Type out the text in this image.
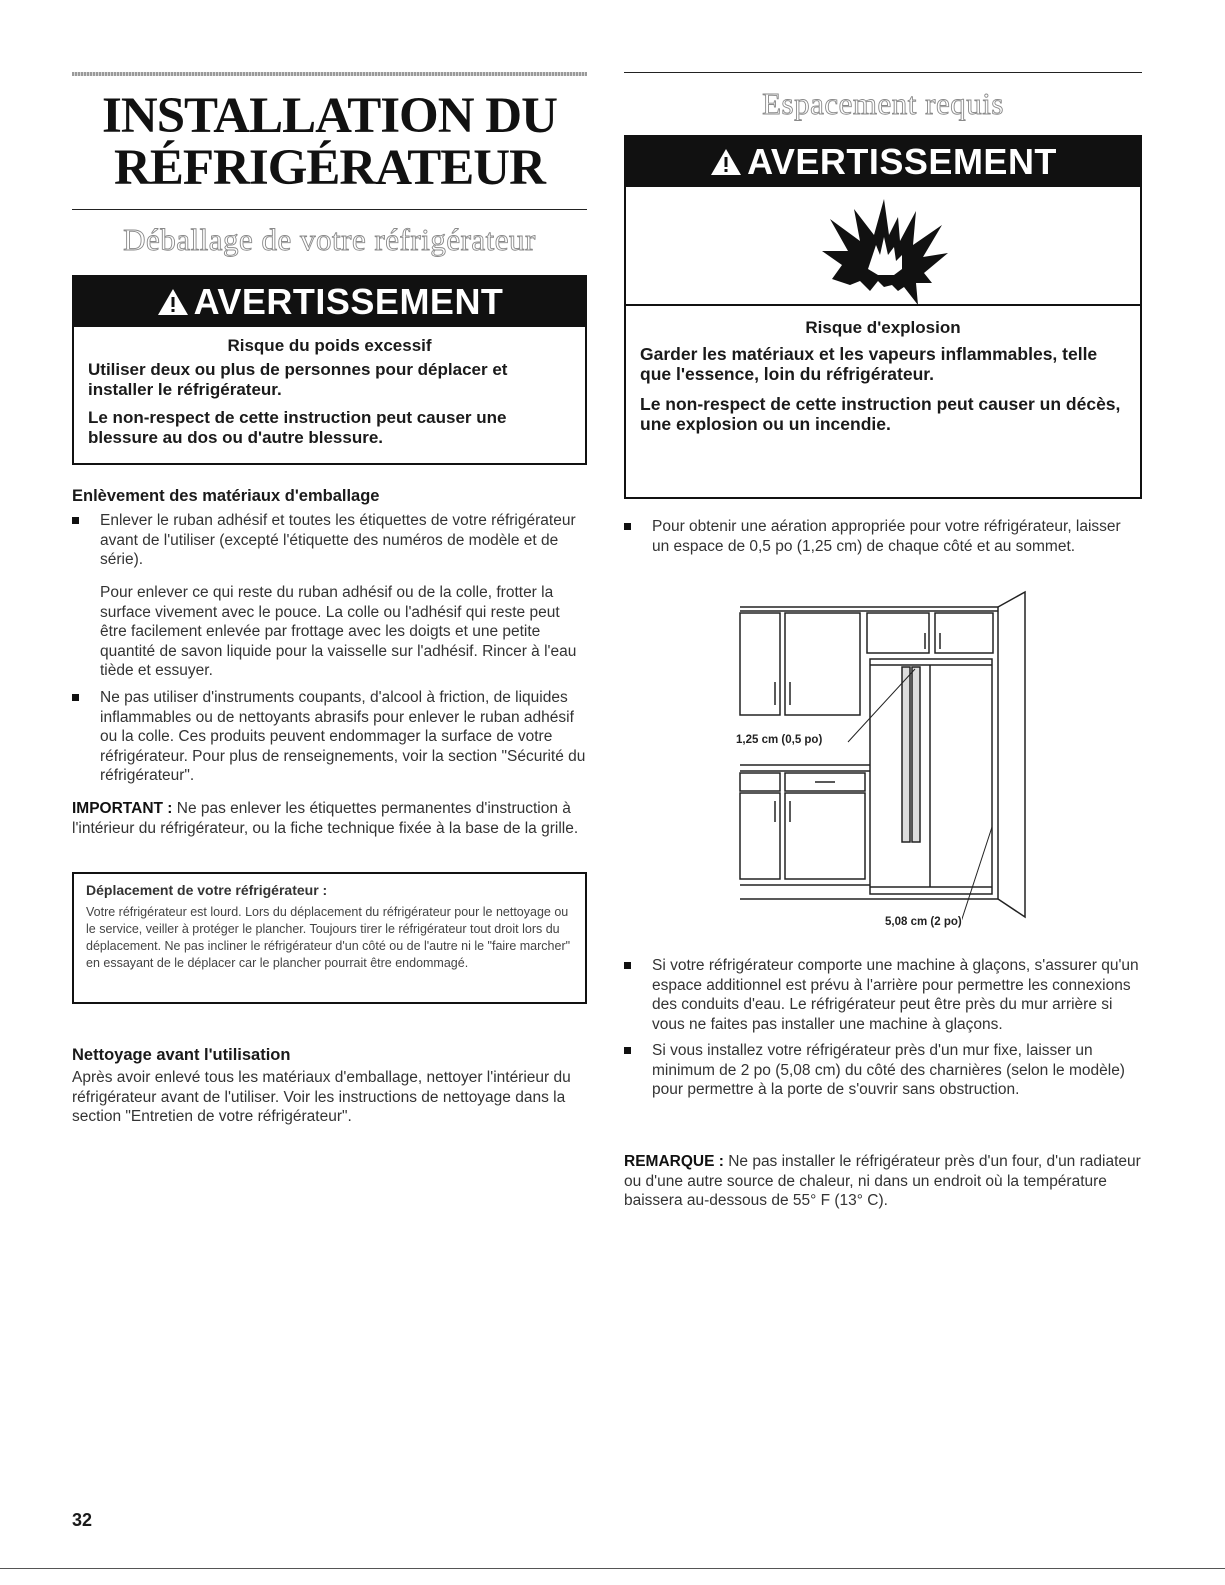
INSTALLATION DU
RÉFRIGÉRATEUR
Déballage de votre réfrigérateur
AVERTISSEMENT

Risque du poids excessif

Utiliser deux ou plus de personnes pour déplacer et installer le réfrigérateur.

Le non-respect de cette instruction peut causer une blessure au dos ou d'autre blessure.

Enlèvement des matériaux d'emballage
Enlever le ruban adhésif et toutes les étiquettes de votre réfrigérateur avant de l'utiliser (excepté l'étiquette des numéros de modèle et de série).

Pour enlever ce qui reste du ruban adhésif ou de la colle, frotter la surface vivement avec le pouce. La colle ou l'adhésif qui reste peut être facilement enlevée par frottage avec les doigts et une petite quantité de savon liquide pour la vaisselle sur l'adhésif. Rincer à l'eau tiède et essuyer.

Ne pas utiliser d'instruments coupants, d'alcool à friction, de liquides inflammables ou de nettoyants abrasifs pour enlever le ruban adhésif ou la colle. Ces produits peuvent endommager la surface de votre réfrigérateur. Pour plus de renseignements, voir la section "Sécurité du réfrigérateur".

IMPORTANT : Ne pas enlever les étiquettes permanentes d'instruction à l'intérieur du réfrigérateur, ou la fiche technique fixée à la base de la grille.

Déplacement de votre réfrigérateur :

Votre réfrigérateur est lourd. Lors du déplacement du réfrigérateur pour le nettoyage ou le service, veiller à protéger le plancher. Toujours tirer le réfrigérateur tout droit lors du déplacement. Ne pas incliner le réfrigérateur d'un côté ou de l'autre ni le "faire marcher" en essayant de le déplacer car le plancher pourrait être endommagé.

Nettoyage avant l'utilisation

Après avoir enlevé tous les matériaux d'emballage, nettoyer l'intérieur du réfrigérateur avant de l'utiliser. Voir les instructions de nettoyage dans la section "Entretien de votre réfrigérateur".

Espacement requis
AVERTISSEMENT

Risque d'explosion

Garder les matériaux et les vapeurs inflammables, telle que l'essence, loin du réfrigérateur.

Le non-respect de cette instruction peut causer un décès, une explosion ou un incendie.

Pour obtenir une aération appropriée pour votre réfrigérateur, laisser un espace de 0,5 po (1,25 cm) de chaque côté et au sommet.
Si votre réfrigérateur comporte une machine à glaçons, s'assurer qu'un espace additionnel est prévu à l'arrière pour permettre les connexions des conduits d'eau. Le réfrigérateur peut être près du mur arrière si vous ne faites pas installer une machine à glaçons.
Si vous installez votre réfrigérateur près d'un mur fixe, laisser un minimum de 2 po (5,08 cm) du côté des charnières (selon le modèle) pour permettre à la porte de s'ouvrir sans obstruction.

REMARQUE : Ne pas installer le réfrigérateur près d'un four, d'un radiateur ou d'une autre source de chaleur, ni dans un endroit où la température baissera au-dessous de 55° F (13° C).

1,25 cm (0,5 po)
5,08 cm (2 po)
32
